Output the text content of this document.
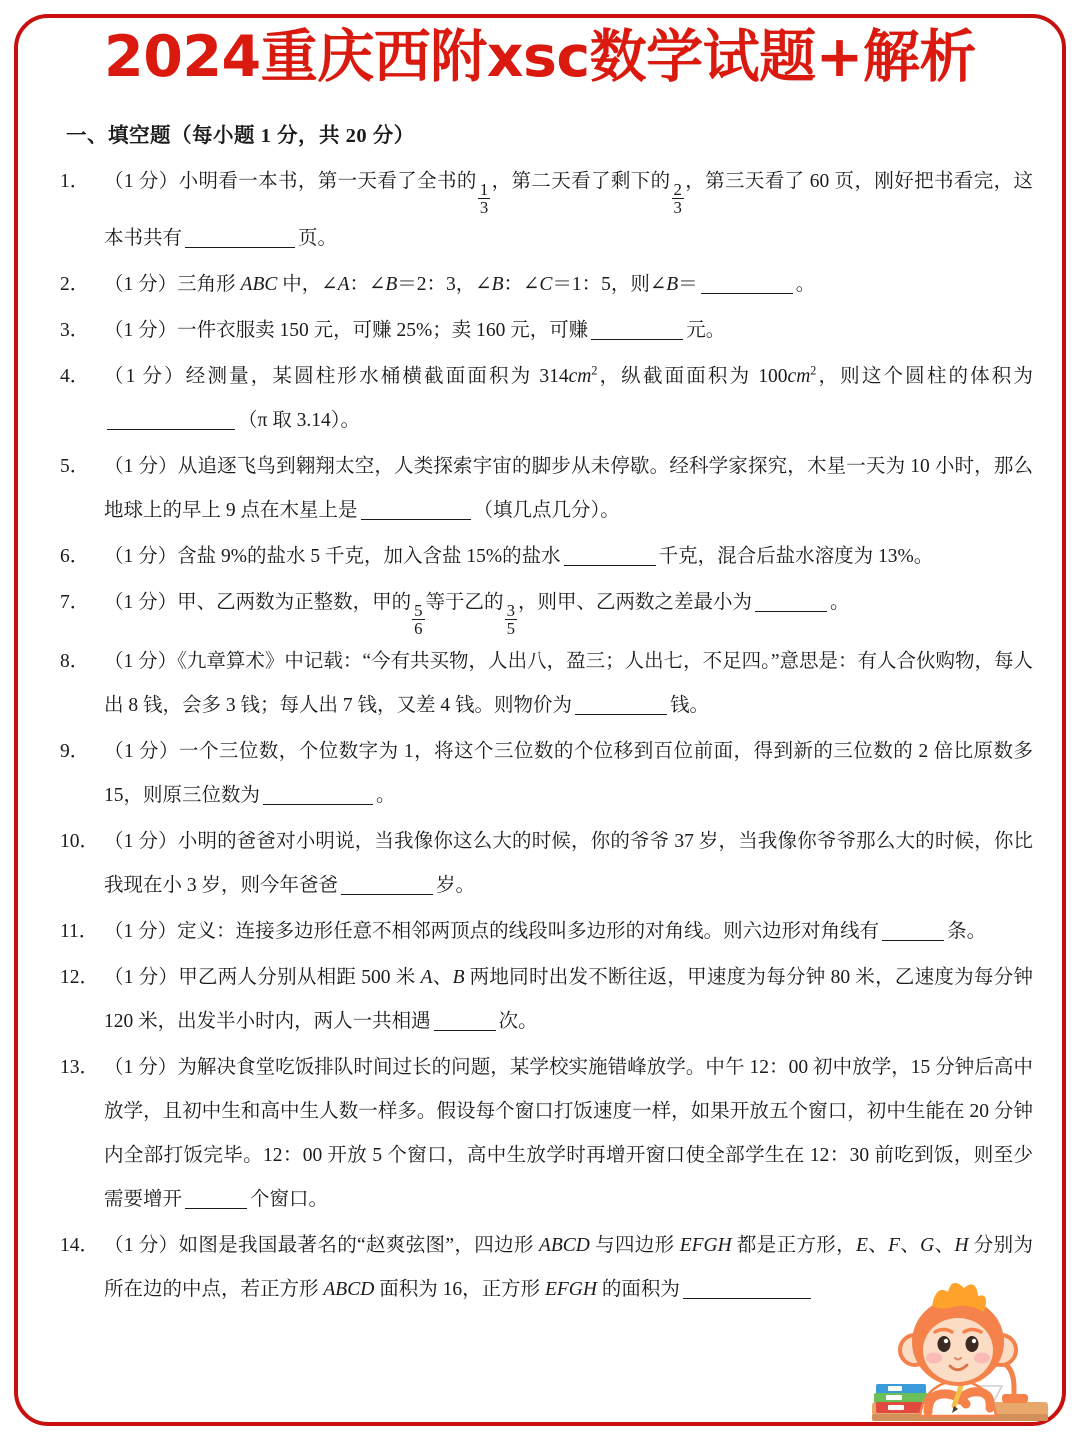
2024重庆西附xsc数学试题+解析
一、填空题（每小题 1 分，共 20 分）
1． （1 分）小明看一本书，第一天看了全书的 $\frac{1}{3}$ ，第二天看了剩下的 $\frac{2}{3}$ ，第三天看了 60 页，刚好把书看完，这本书共有	页。
2． （1 分）三角形 ABC 中，∠A：∠B＝2：3，∠B：∠C＝1：5，则∠B＝	。
3． （1 分）一件衣服卖 150 元，可赚 25%；卖 160 元，可赚	元。
4． （1 分）经测量，某圆柱形水桶横截面面积为 $314cm^2$，纵截面面积为 $100cm^2$，则这个圆柱的体积为（π 取 3.14）。
5． （1 分）从追逐飞鸟到翱翔太空，人类探索宇宙的脚步从未停歇。经科学家探究，木星一天为 10 小时，那么地球上的早上 9 点在木星上是	（填几点几分）。
6． （1 分）含盐 9%的盐水 5 千克，加入含盐 15%的盐水	千克，混合后盐水溶度为 13%。
7． （1 分）甲、乙两数为正整数，甲的 $\frac{5}{6}$ 等于乙的 $\frac{3}{5}$ ，则甲、乙两数之差最小为	。
8． （1 分）《九章算术》中记载：“今有共买物，人出八，盈三；人出七，不足四。”意思是：有人合伙购物，每人出 8 钱，会多 3 钱；每人出 7 钱，又差 4 钱。则物价为	钱。
9． （1 分）一个三位数，个位数字为 1，将这个三位数的个位移到百位前面，得到新的三位数的 2 倍比原数多 15，则原三位数为	。
10． （1 分）小明的爸爸对小明说，当我像你这么大的时候，你的爷爷 37 岁，当我像你爷爷那么大的时候，你比我现在小 3 岁，则今年爸爸	岁。
11． （1 分）定义：连接多边形任意不相邻两顶点的线段叫多边形的对角线。则六边形对角线有	条。
12． （1 分）甲乙两人分别从相距 500 米 A、B 两地同时出发不断往返，甲速度为每分钟 80 米，乙速度为每分钟 120 米，出发半小时内，两人一共相遇	次。
13． （1 分）为解决食堂吃饭排队时间过长的问题，某学校实施错峰放学。中午 12：00 初中放学，15 分钟后高中放学，且初中生和高中生人数一样多。假设每个窗口打饭速度一样，如果开放五个窗口，初中生能在 20 分钟内全部打饭完毕。12：00 开放 5 个窗口，高中生放学时再增开窗口使全部学生在 12：30 前吃到饭，则至少需要增开	个窗口。
14． （1 分）如图是我国最著名的“赵爽弦图”，四边形 ABCD 与四边形 EFGH 都是正方形，E、F、G、H 分别为所在边的中点，若正方形 ABCD 面积为 16，正方形 EFGH 的面积为
